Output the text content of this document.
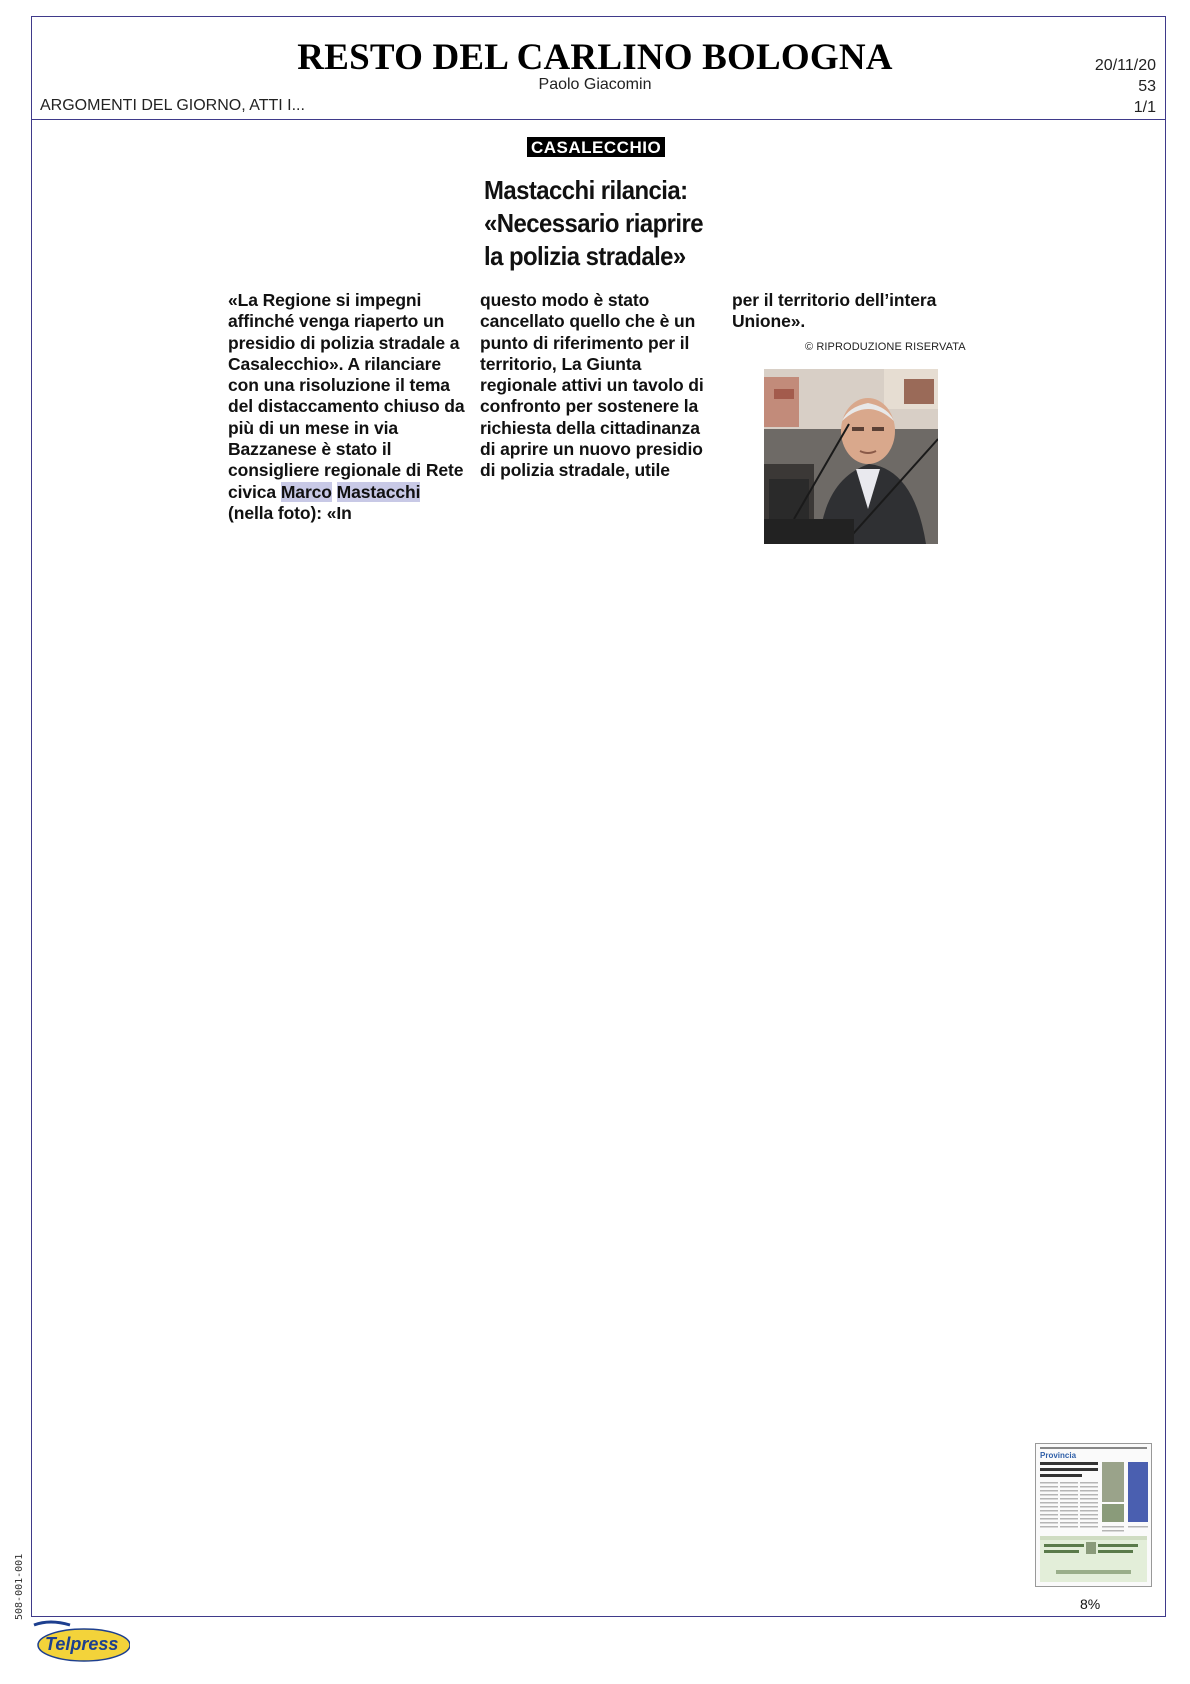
RESTO DEL CARLINO BOLOGNA
Paolo Giacomin
ARGOMENTI DEL GIORNO, ATTI I...
20/11/20
53
1/1
CASALECCHIO
Mastacchi rilancia:
«Necessario riaprire
la polizia stradale»

«La Regione si impegni affinché venga riaperto un presidio di polizia stradale a Casalecchio». A rilanciare con una risoluzione il tema del distaccamento chiuso da più di un mese in via Bazzanese è stato il consigliere regionale di Rete civica Marco Mastacchi (nella foto): «In

questo modo è stato cancellato quello che è un punto di riferimento per il territorio, La Giunta regionale attivi un tavolo di confronto per sostenere la richiesta della cittadinanza di aprire un nuovo presidio di polizia stradale, utile

per il territorio dell’intera Unione».

© RIPRODUZIONE RISERVATA
Provincia
8%
508-001-001
Telpress
